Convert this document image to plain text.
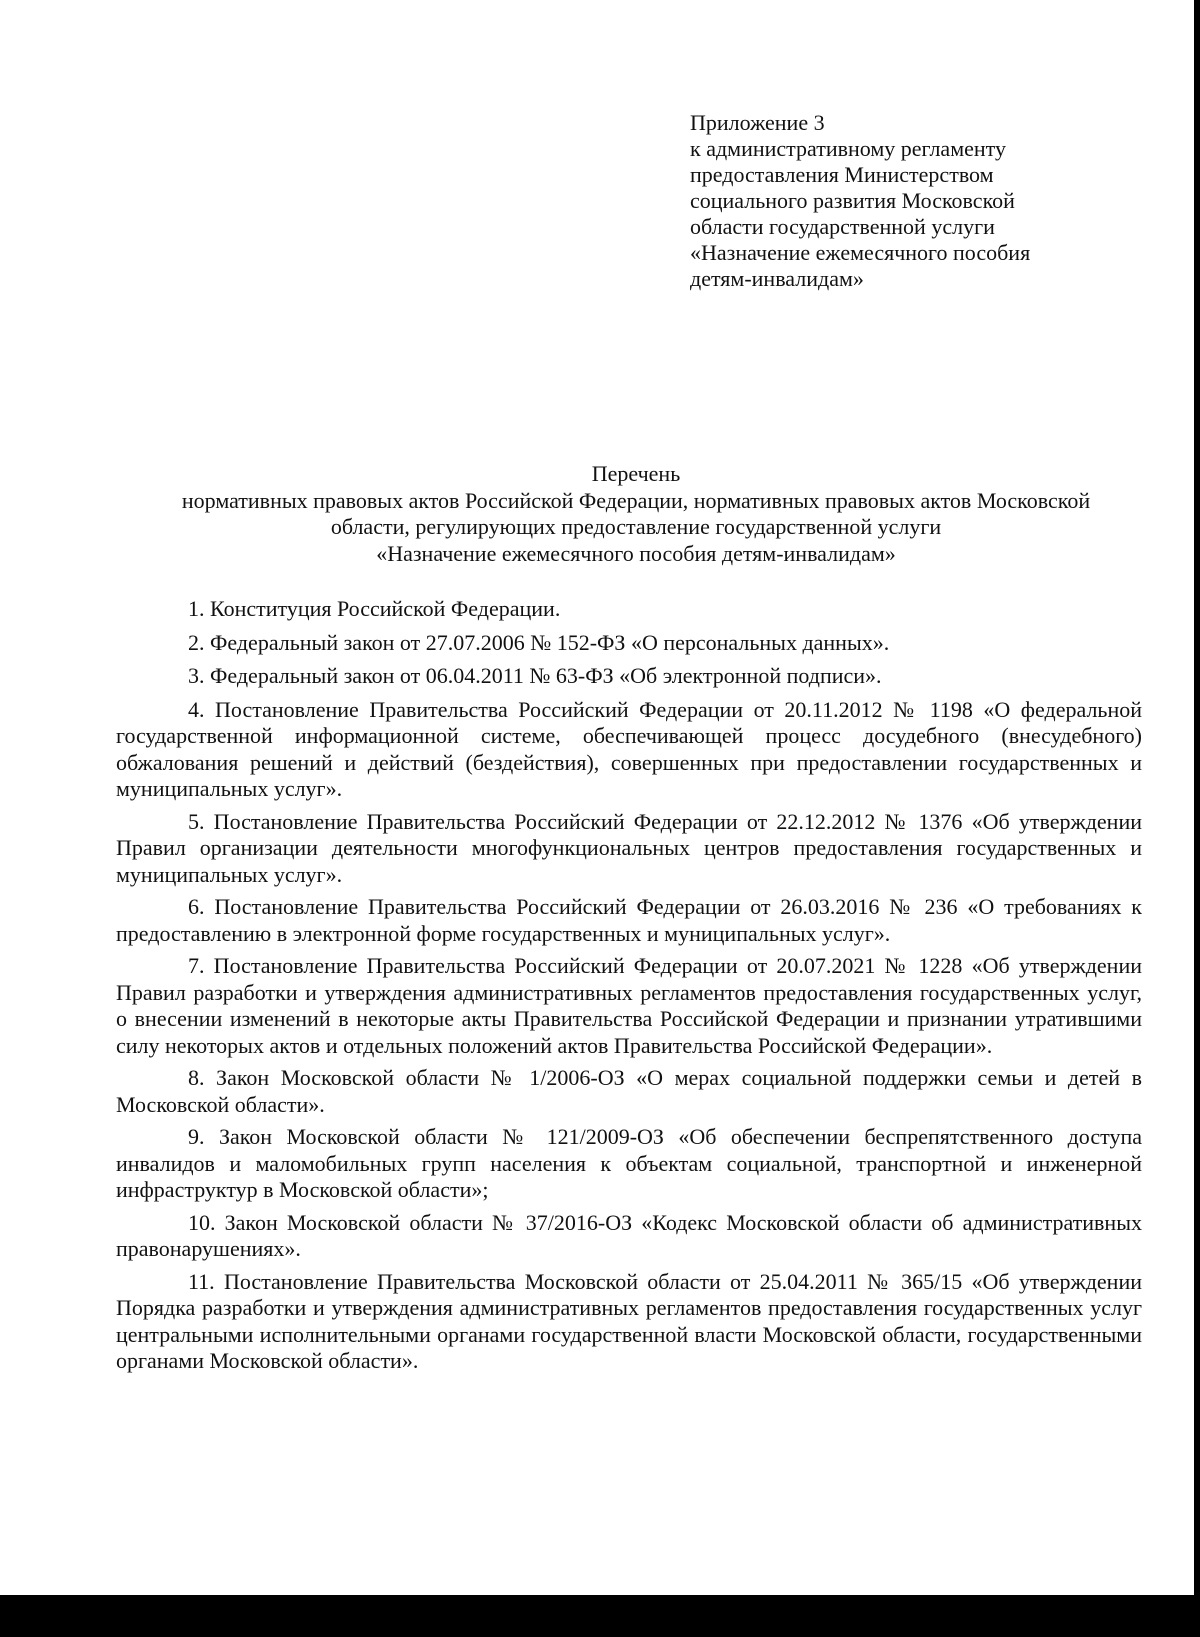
Приложение 3
к административному регламенту
предоставления Министерством
социального развития Московской
области государственной услуги
«Назначение ежемесячного пособия
детям-инвалидам»
Перечень
нормативных правовых актов Российской Федерации, нормативных правовых актов Московской
области, регулирующих предоставление государственной услуги
«Назначение ежемесячного пособия детям-инвалидам»

1. Конституция Российской Федерации.

2. Федеральный закон от 27.07.2006 № 152-ФЗ «О персональных данных».

3. Федеральный закон от 06.04.2011 № 63-ФЗ «Об электронной подписи».

4. Постановление Правительства Российский Федерации от 20.11.2012 № 1198 «О федеральной государственной информационной системе, обеспечивающей процесс досудебного (внесудебного) обжалования решений и действий (бездействия), совершенных при предоставлении государственных и муниципальных услуг».

5. Постановление Правительства Российский Федерации от 22.12.2012 № 1376 «Об утверждении Правил организации деятельности многофункциональных центров предоставления государственных и муниципальных услуг».

6. Постановление Правительства Российский Федерации от 26.03.2016 № 236 «О требованиях к предоставлению в электронной форме государственных и муниципальных услуг».

7. Постановление Правительства Российский Федерации от 20.07.2021 № 1228 «Об утверждении Правил разработки и утверждения административных регламентов предоставления государственных услуг, о внесении изменений в некоторые акты Правительства Российской Федерации и признании утратившими силу некоторых актов и отдельных положений актов Правительства Российской Федерации».

8. Закон Московской области № 1/2006-ОЗ «О мерах социальной поддержки семьи и детей в Московской области».

9. Закон Московской области № 121/2009-ОЗ «Об обеспечении беспрепятственного доступа инвалидов и маломобильных групп населения к объектам социальной, транспортной и инженерной инфраструктур в Московской области»;

10. Закон Московской области № 37/2016-ОЗ «Кодекс Московской области об административных правонарушениях».

11. Постановление Правительства Московской области от 25.04.2011 № 365/15 «Об утверждении Порядка разработки и утверждения административных регламентов предоставления государственных услуг центральными исполнительными органами государственной власти Московской области, государственными органами Московской области».
